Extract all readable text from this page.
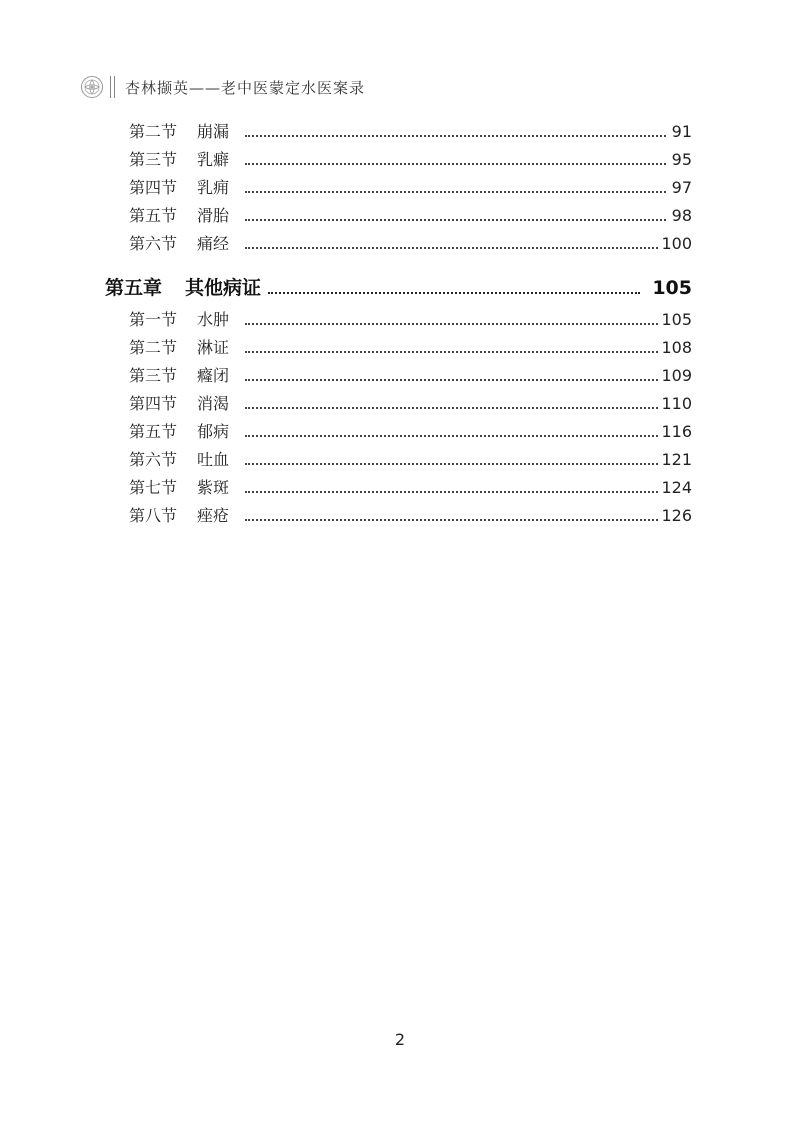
杏林撷英——老中医蒙定水医案录
第二节 崩漏	91
第三节 乳癖	95
第四节 乳痈	97
第五节 滑胎	98
第六节 痛经	100
第五章 其他病证	105
第一节 水肿	105
第二节 淋证	108
第三节 癃闭	109
第四节 消渴	110
第五节 郁病	116
第六节 吐血	121
第七节 紫斑	124
第八节 痤疮	126
2
